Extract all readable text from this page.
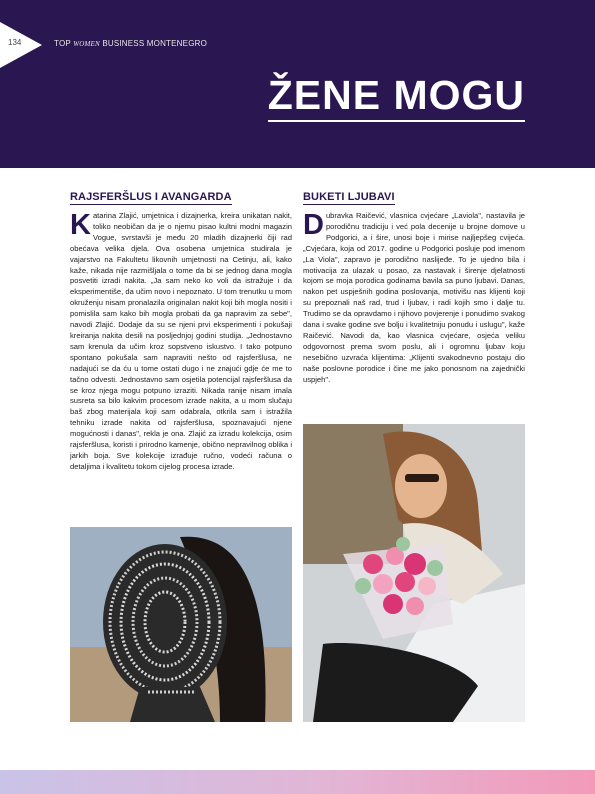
134	TOP WOMEN BUSINESS MONTENEGRO
ŽENE MOGU
RAJSFERŠLUS I AVANGARDA

Katarina Zlajić, umjetnica i dizajnerka, kreira unikatan nakit, toliko neobičan da je o njemu pisao kultni modni magazin Vogue, svrstavši je među 20 mladih dizajnerki čiji rad obećava velika djela. Ova osobena umjetnica studirala je vajarstvo na Fakultetu likovnih umjetnosti na Cetinju, ali, kako kaže, nikada nije razmišljala o tome da bi se jednog dana mogla posvetiti izradi nakita. „Ja sam neko ko voli da istražuje i da eksperimentiše, da učim novo i nepoznato. U tom trenutku u mom okruženju nisam pronalazila originalan nakit koji bih mogla nositi i pomislila sam kako bih mogla probati da ga napravim za sebe", navodi Zlajić. Dodaje da su se njeni prvi eksperimenti i pokušaji kreiranja nakita desili na posljednjoj godini studija. „Jednostavno sam krenula da učim kroz sopstveno iskustvo. I tako potpuno spontano pokušala sam napraviti nešto od rajsferšlusa, ne nadajući se da ću u tome ostati dugo i ne znajući gdje će me to tačno odvesti. Jednostavno sam osjetila potencijal rajsferšlusa da se kroz njega mogu potpuno izraziti. Nikada ranije nisam imala susreta sa bilo kakvim procesom izrade nakita, a u mom slučaju baš zbog materijala koji sam odabrala, otkrila sam i istražila tehniku izrade nakita od rajsferšlusa, spoznavajući njene mogućnosti i danas", rekla je ona. Zlajić za izradu kolekcija, osim rajsferšlusa, koristi i prirodno kamenje, obično nepravilnog oblika i jarkih boja. Sve kolekcije izrađuje ručno, vodeći računa o detaljima i kvalitetu tokom cijelog procesa izrade.

BUKETI LJUBAVI

Dubravka Raičević, vlasnica cvjećare „Laviola", nastavila je porodičnu tradiciju i već pola decenije u brojne domove u Podgorici, a i šire, unosi boje i mirise najljepšeg cvijeća. „Cvjećara, koja od 2017. godine u Podgorici posluje pod imenom „La Viola", zapravo je porodično naslijeđe. To je ujedno bila i motivacija za ulazak u posao, za nastavak i širenje djelatnosti kojom se moja porodica godinama bavila sa puno ljubavi. Danas, nakon pet uspješnih godina poslovanja, motivišu nas klijenti koji su prepoznali naš rad, trud i ljubav, i radi kojih smo i dalje tu. Trudimo se da opravdamo i njihovo povjerenje i ponudimo svakog dana i svake godine sve bolju i kvalitetniju ponudu i uslugu", kaže Raičević. Navodi da, kao vlasnica cvjećare, osjeća veliku odgovornost prema svom poslu, ali i ogromnu ljubav koju nesebično uzvraća klijentima: „Klijenti svakodnevno postaju dio naše poslovne porodice i čine me jako ponosnom na zajednički uspjeh".
